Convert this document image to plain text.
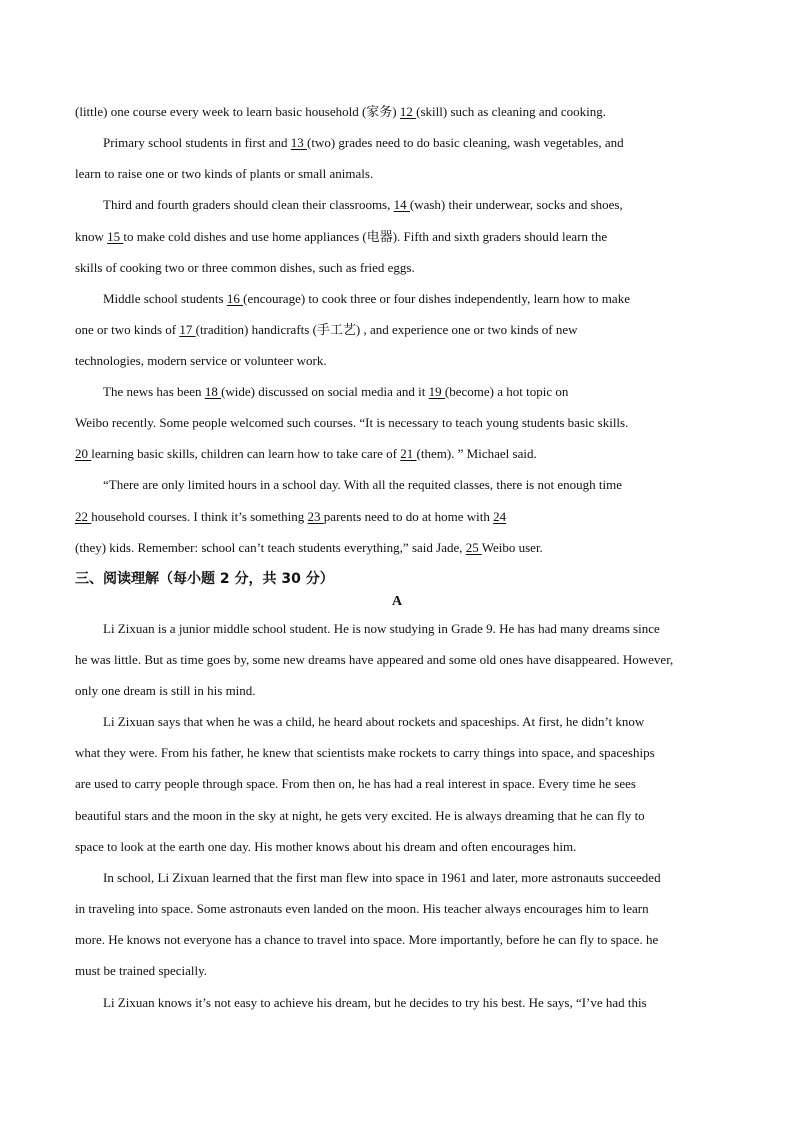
(little) one course every week to learn basic household (家务) 12 (skill) such as cleaning and cooking.
Primary school students in first and 13 (two) grades need to do basic cleaning, wash vegetables, and
learn to raise one or two kinds of plants or small animals.
Third and fourth graders should clean their classrooms, 14 (wash) their underwear, socks and shoes,
know 15 to make cold dishes and use home appliances (电器). Fifth and sixth graders should learn the
skills of cooking two or three common dishes, such as fried eggs.
Middle school students 16 (encourage) to cook three or four dishes independently, learn how to make
one or two kinds of 17 (tradition) handicrafts (手工艺) , and experience one or two kinds of new
technologies, modern service or volunteer work.
The news has been 18 (wide) discussed on social media and it 19 (become) a hot topic on
Weibo recently. Some people welcomed such courses. “It is necessary to teach young students basic skills.
20 learning basic skills, children can learn how to take care of 21 (them). ” Michael said.
“There are only limited hours in a school day. With all the requited classes, there is not enough time
22 household courses. I think it’s something 23 parents need to do at home with 24
(they) kids. Remember: school can’t teach students everything,” said Jade, 25 Weibo user.
三、阅读理解（每小题 2 分，共 30 分）
A
Li Zixuan is a junior middle school student. He is now studying in Grade 9. He has had many dreams since
he was little. But as time goes by, some new dreams have appeared and some old ones have disappeared. However,
only one dream is still in his mind.
Li Zixuan says that when he was a child, he heard about rockets and spaceships. At first, he didn’t know
what they were. From his father, he knew that scientists make rockets to carry things into space, and spaceships
are used to carry people through space. From then on, he has had a real interest in space. Every time he sees
beautiful stars and the moon in the sky at night, he gets very excited. He is always dreaming that he can fly to
space to look at the earth one day. His mother knows about his dream and often encourages him.
In school, Li Zixuan learned that the first man flew into space in 1961 and later, more astronauts succeeded
in traveling into space. Some astronauts even landed on the moon. His teacher always encourages him to learn
more. He knows not everyone has a chance to travel into space. More importantly, before he can fly to space. he
must be trained specially.
Li Zixuan knows it’s not easy to achieve his dream, but he decides to try his best. He says, “I’ve had this
